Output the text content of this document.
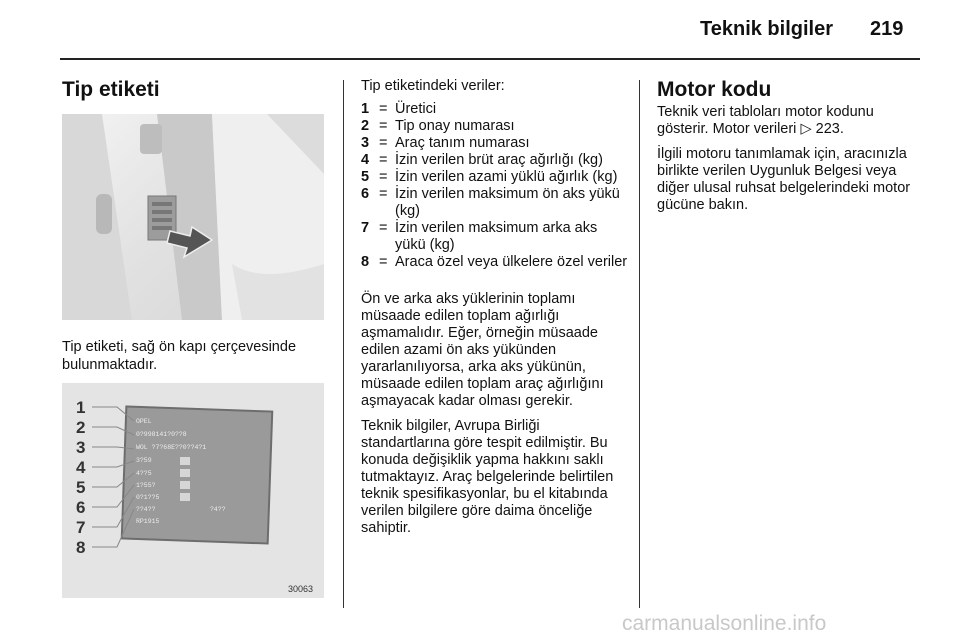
Teknik bilgiler 219
Tip etiketi
Tip etiketi, sağ ön kapı çerçevesinde bulunmaktadır.
1
2
3
4
5
6
7
8
OPEL
0?998141?0??8
WOL ?7?68E??0??4?1
3?59
4??5
1?55?
0?1??5
??4??	?4??
RP1915
30063
Tip etiketindeki veriler:
1 = Üretici
2 = Tip onay numarası
3 = Araç tanım numarası
4 = İzin verilen brüt araç ağırlığı (kg)
5 = İzin verilen azami yüklü ağırlık (kg)
6 = İzin verilen maksimum ön aks yükü (kg)
7 = İzin verilen maksimum arka aks yükü (kg)
8 = Araca özel veya ülkelere özel veriler

Ön ve arka aks yüklerinin toplamı müsaade edilen toplam ağırlığı aşmamalıdır. Eğer, örneğin müsaade edilen azami ön aks yükünden yararlanılıyorsa, arka aks yükünün, müsaade edilen toplam araç ağırlığını aşmayacak kadar olması gerekir.

Teknik bilgiler, Avrupa Birliği standartlarına göre tespit edilmiştir. Bu konuda değişiklik yapma hakkını saklı tutmaktayız. Araç belgelerinde belirtilen teknik spesifikasyonlar, bu el kitabında verilen bilgilere göre daima önceliğe sahiptir.

Motor kodu

Teknik veri tabloları motor kodunu gösterir. Motor verileri ▷ 223.

İlgili motoru tanımlamak için, aracınızla birlikte verilen Uygunluk Belgesi veya diğer ulusal ruhsat belgelerindeki motor gücüne bakın.

carmanualsonline.info
